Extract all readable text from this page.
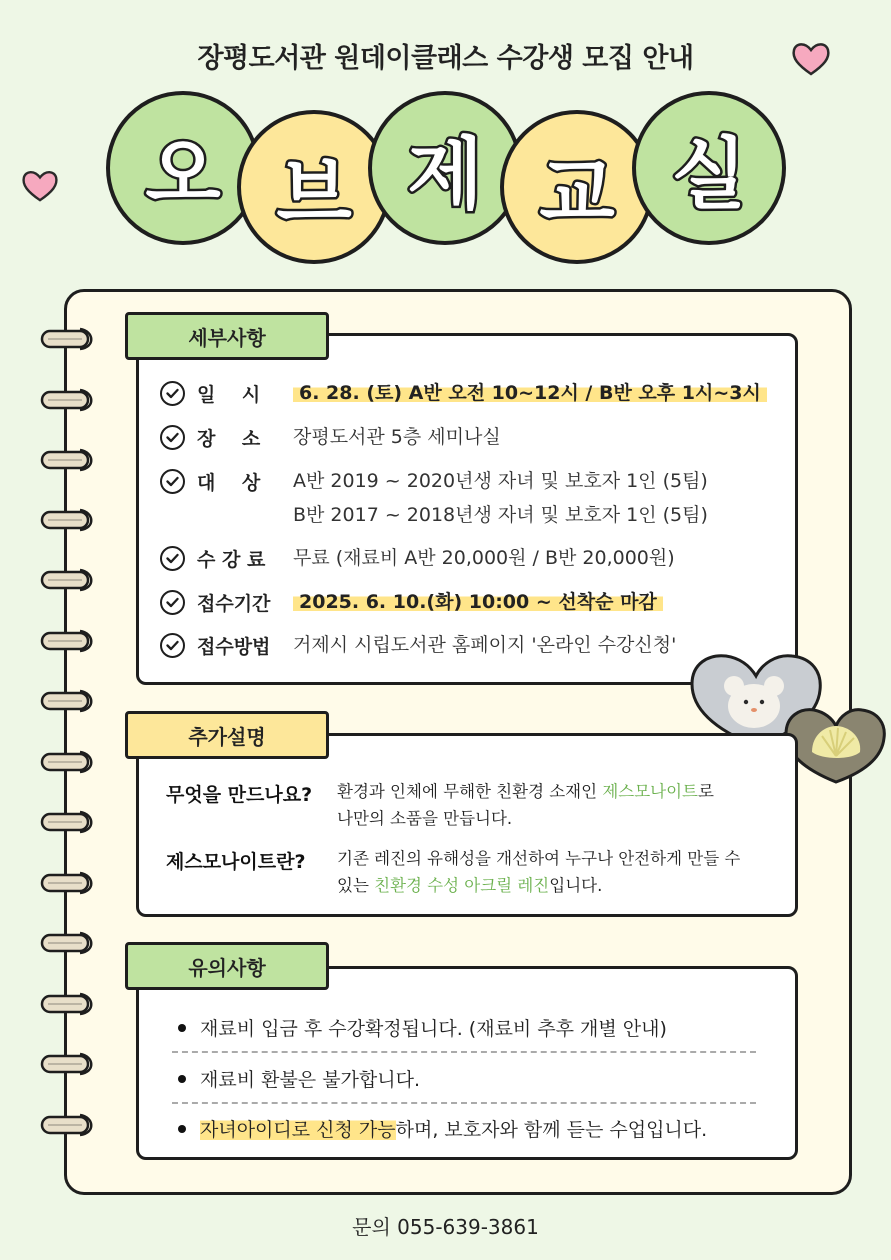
장평도서관 원데이클래스 수강생 모집 안내
오 브 제 교 실
세부사항
일    시	6. 28. (토) A반 오전 10~12시 / B반 오후 1시~3시
장    소	장평도서관 5층 세미나실
대    상	A반 2019 ~ 2020년생 자녀 및 보호자 1인 (5팀)
B반 2017 ~ 2018년생 자녀 및 보호자 1인 (5팀)
수 강 료	무료 (재료비 A반 20,000원 / B반 20,000원)
접수기간	2025. 6. 10.(화) 10:00 ~ 선착순 마감
접수방법	거제시 시립도서관 홈페이지 '온라인 수강신청'
추가설명
무엇을 만드나요? 환경과 인체에 무해한 친환경 소재인 제스모나이트로
나만의 소품을 만듭니다.
제스모나이트란? 기존 레진의 유해성을 개선하여 누구나 안전하게 만들 수
있는 친환경 수성 아크릴 레진입니다.
유의사항
재료비 입금 후 수강확정됩니다. (재료비 추후 개별 안내)
재료비 환불은 불가합니다.
자녀아이디로 신청 가능 하며, 보호자와 함께 듣는 수업입니다.
문의 055-639-3861
